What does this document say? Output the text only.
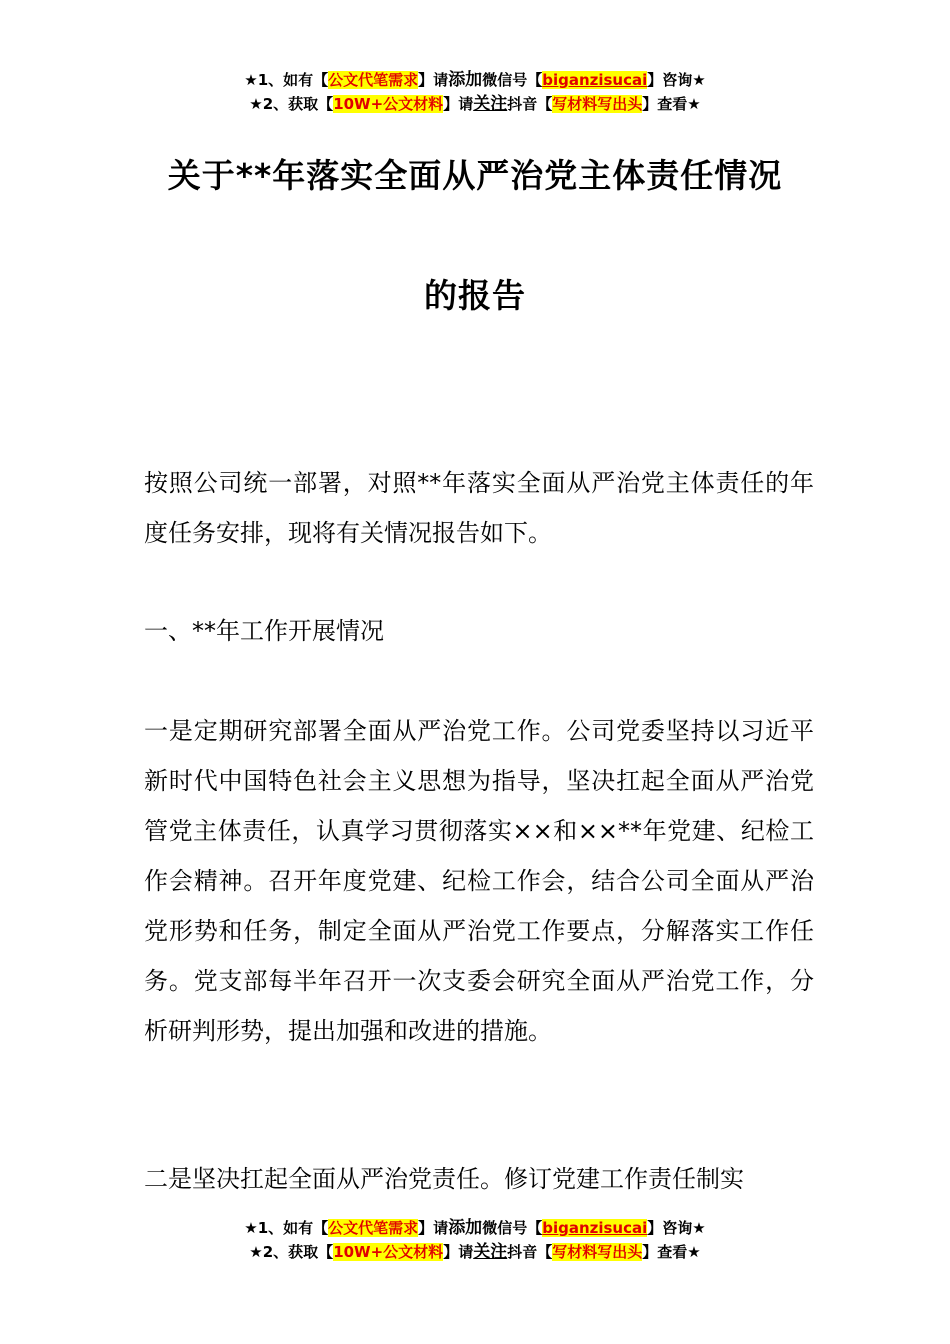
★1、如有【公文代笔需求】请添加微信号【biganzisucai】咨询★
★2、获取【10W+公文材料】请关注抖音【写材料写出头】查看★
关于**年落实全面从严治党主体责任情况
的报告

按照公司统一部署，对照**年落实全面从严治党主体责任的年度任务安排，现将有关情况报告如下。

一、**年工作开展情况

一是定期研究部署全面从严治党工作。公司党委坚持以习近平新时代中国特色社会主义思想为指导，坚决扛起全面从严治党管党主体责任，认真学习贯彻落实××和××**年党建、纪检工作会精神。召开年度党建、纪检工作会，结合公司全面从严治党形势和任务，制定全面从严治党工作要点，分解落实工作任务。党支部每半年召开一次支委会研究全面从严治党工作，分析研判形势，提出加强和改进的措施。

二是坚决扛起全面从严治党责任。修订党建工作责任制实

★1、如有【公文代笔需求】请添加微信号【biganzisucai】咨询★
★2、获取【10W+公文材料】请关注抖音【写材料写出头】查看★
